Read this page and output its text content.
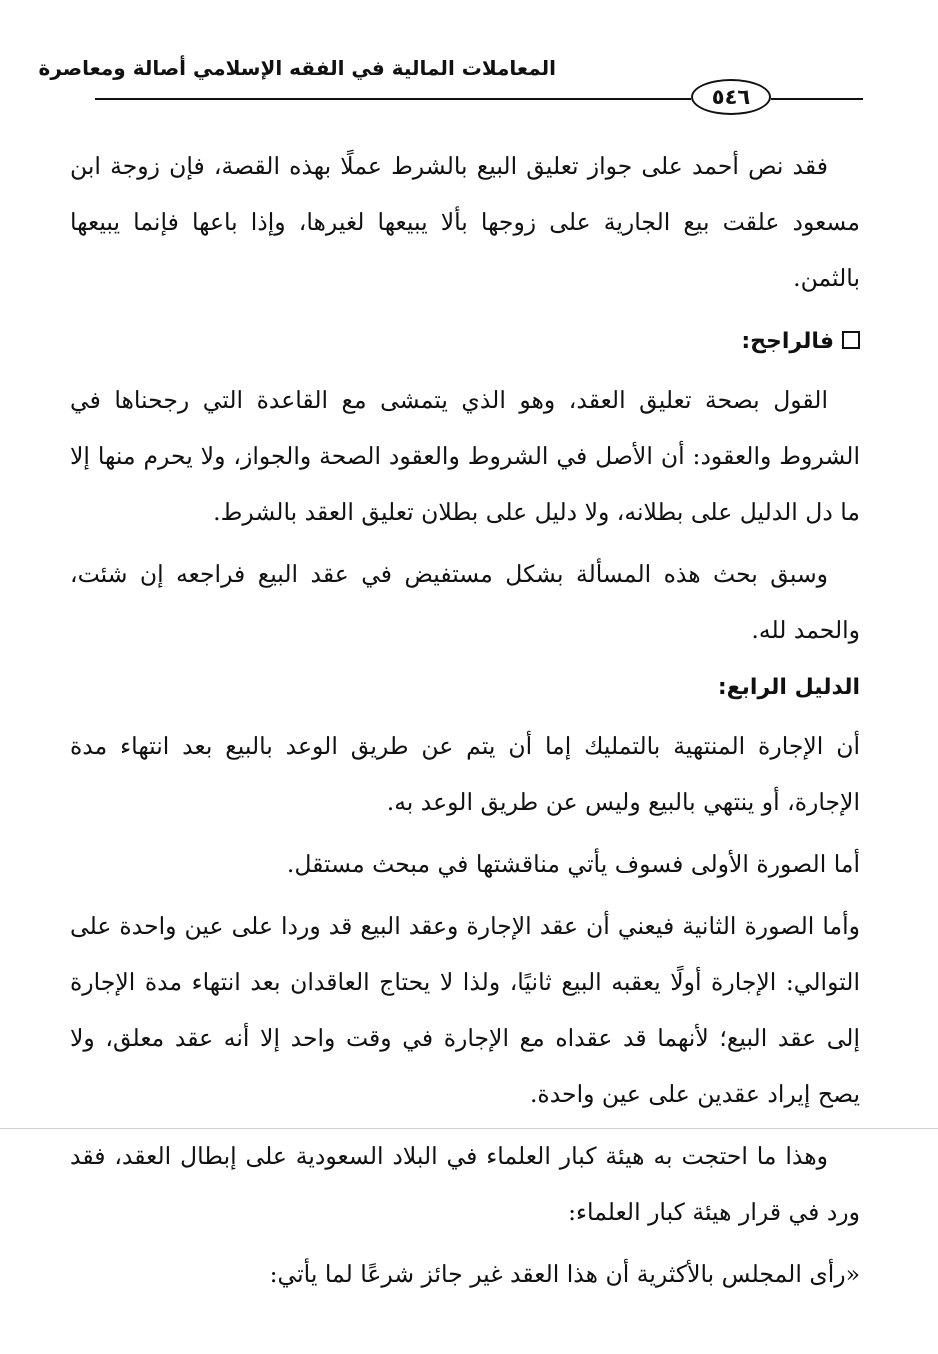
المعاملات المالية في الفقه الإسلامي أصالة ومعاصرة
٥٤٦

فقد نص أحمد على جواز تعليق البيع بالشرط عملًا بهذه القصة، فإن زوجة ابن مسعود علقت بيع الجارية على زوجها بألا يبيعها لغيرها، وإذا باعها فإنما يبيعها بالثمن.

فالراجح:

القول بصحة تعليق العقد، وهو الذي يتمشى مع القاعدة التي رجحناها في الشروط والعقود: أن الأصل في الشروط والعقود الصحة والجواز، ولا يحرم منها إلا ما دل الدليل على بطلانه، ولا دليل على بطلان تعليق العقد بالشرط.

وسبق بحث هذه المسألة بشكل مستفيض في عقد البيع فراجعه إن شئت، والحمد لله.

الدليل الرابع:

أن الإجارة المنتهية بالتمليك إما أن يتم عن طريق الوعد بالبيع بعد انتهاء مدة الإجارة، أو ينتهي بالبيع وليس عن طريق الوعد به.

أما الصورة الأولى فسوف يأتي مناقشتها في مبحث مستقل.

وأما الصورة الثانية فيعني أن عقد الإجارة وعقد البيع قد وردا على عين واحدة على التوالي: الإجارة أولًا يعقبه البيع ثانيًا، ولذا لا يحتاج العاقدان بعد انتهاء مدة الإجارة إلى عقد البيع؛ لأنهما قد عقداه مع الإجارة في وقت واحد إلا أنه عقد معلق، ولا يصح إيراد عقدين على عين واحدة.

وهذا ما احتجت به هيئة كبار العلماء في البلاد السعودية على إبطال العقد، فقد ورد في قرار هيئة كبار العلماء:

«رأى المجلس بالأكثرية أن هذا العقد غير جائز شرعًا لما يأتي:
